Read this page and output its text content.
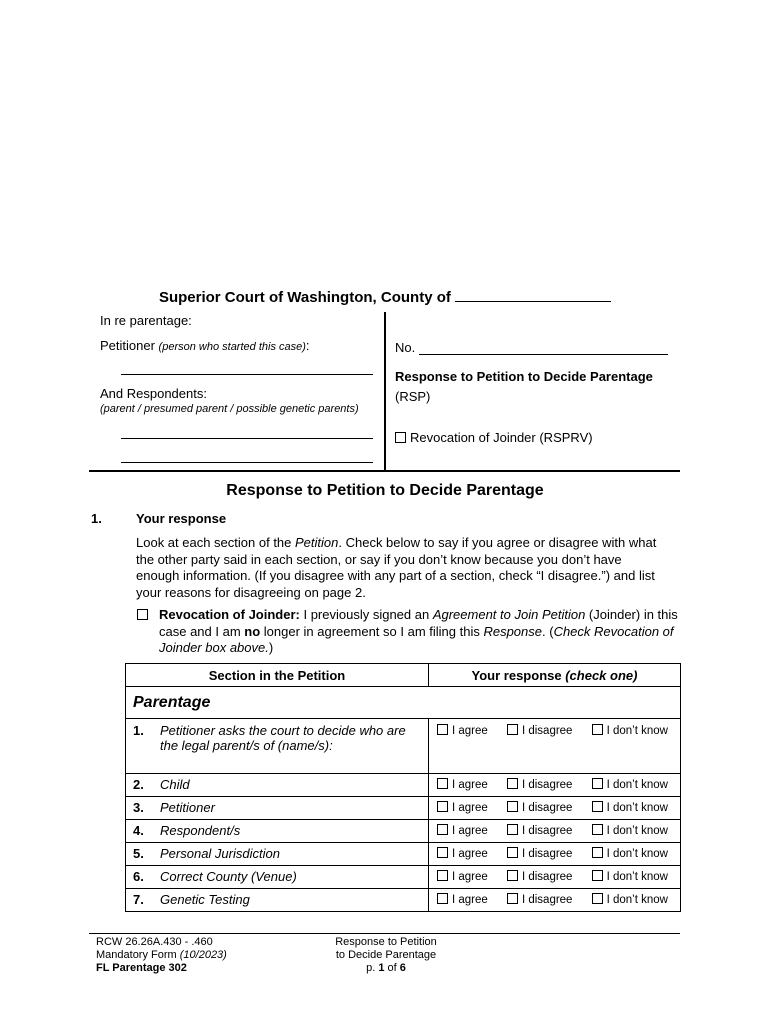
Superior Court of Washington, County of
In re parentage:
Petitioner (person who started this case):
And Respondents:
(parent / presumed parent / possible genetic parents)
No.
Response to Petition to Decide Parentage
(RSP)
Revocation of Joinder (RSPRV)
Response to Petition to Decide Parentage
1.	Your response
Look at each section of the Petition. Check below to say if you agree or disagree with what the other party said in each section, or say if you don’t know because you don’t have enough information. (If you disagree with any part of a section, check “I disagree.”) and list your reasons for disagreeing on page 2.
Revocation of Joinder: I previously signed an Agreement to Join Petition (Joinder) in this case and I am no longer in agreement so I am filing this Response. (Check Revocation of Joinder box above.)
Section in the Petition	Your response (check one)
Parentage	

1. Petitioner asks the court to decide who are the legal parent/s of (name/s):	I agree I disagree I don’t know

2. Child	I agree I disagree I don’t know

3. Petitioner	I agree I disagree I don’t know

4. Respondent/s	I agree I disagree I don’t know

5. Personal Jurisdiction	I agree I disagree I don’t know

6. Correct County (Venue)	I agree I disagree I don’t know

7. Genetic Testing	I agree I disagree I don’t know
RCW 26.26A.430 - .460
Mandatory Form (10/2023)
FL Parentage 302
Response to Petition
to Decide Parentage
p. 1 of 6
